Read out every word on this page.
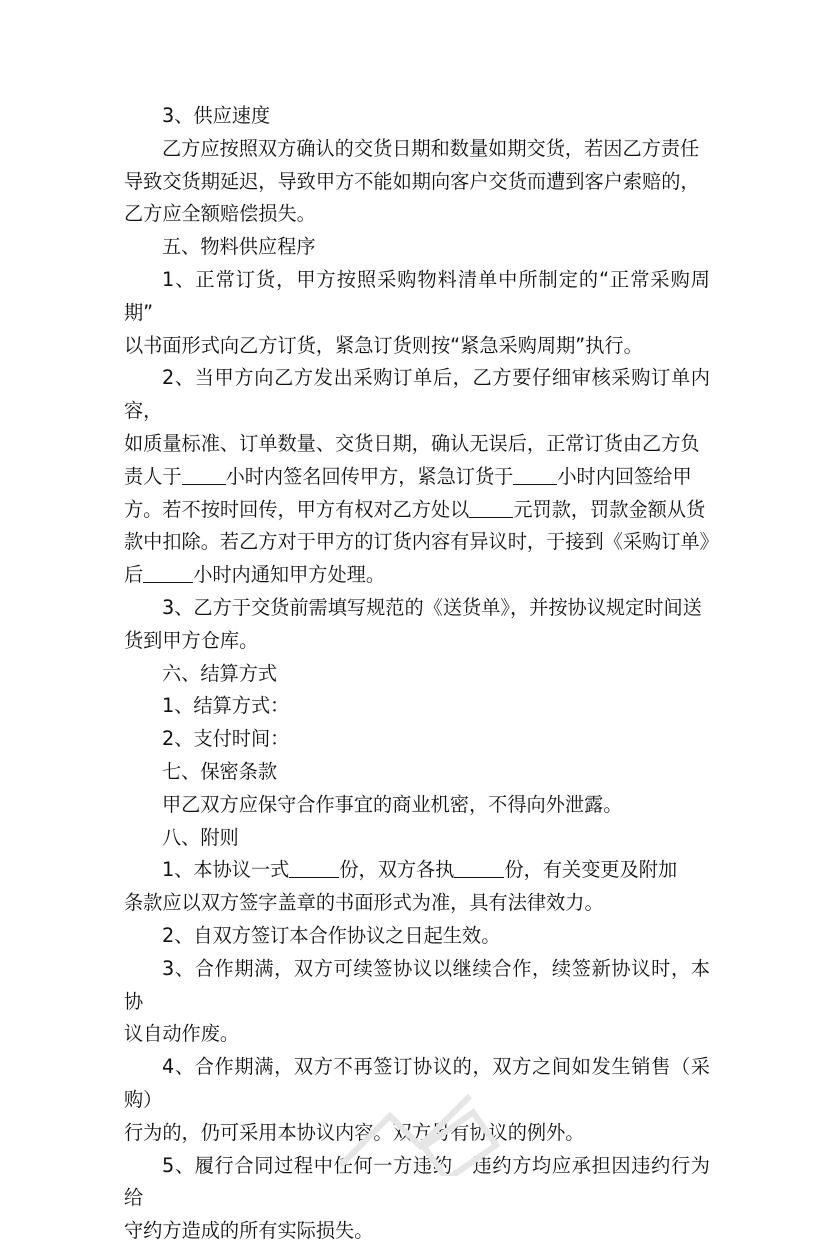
3、供应速度

乙方应按照双方确认的交货日期和数量如期交货，若因乙方责任
导致交货期延迟，导致甲方不能如期向客户交货而遭到客户索赔的，
乙方应全额赔偿损失。

五、物料供应程序

1、正常订货，甲方按照采购物料清单中所制定的“正常采购周期”
以书面形式向乙方订货，紧急订货则按“紧急采购周期”执行。

2、当甲方向乙方发出采购订单后，乙方要仔细审核采购订单内容，
如质量标准、订单数量、交货日期，确认无误后，正常订货由乙方负
责人于 小时内签名回传甲方，紧急订货于 小时内回签给甲
方。若不按时回传，甲方有权对乙方处以 元罚款，罚款金额从货
款中扣除。若乙方对于甲方的订货内容有异议时，于接到《采购订单》
后	小时内通知甲方处理。

3、乙方于交货前需填写规范的《送货单》，并按协议规定时间送
货到甲方仓库。

六、结算方式

1、结算方式：

2、支付时间：

七、保密条款

甲乙双方应保守合作事宜的商业机密，不得向外泄露。

八、附则

1、本协议一式	份，双方各执	份，有关变更及附加
条款应以双方签字盖章的书面形式为准，具有法律效力。

2、自双方签订本合作协议之日起生效。

3、合作期满，双方可续签协议以继续合作，续签新协议时，本协
议自动作废。

4、合作期满，双方不再签订协议的，双方之间如发生销售（采购）
行为的，仍可采用本协议内容。双方另有协议的例外。

5、履行合同过程中任何一方违约，违约方均应承担因违约行为给
守约方造成的所有实际损失。
